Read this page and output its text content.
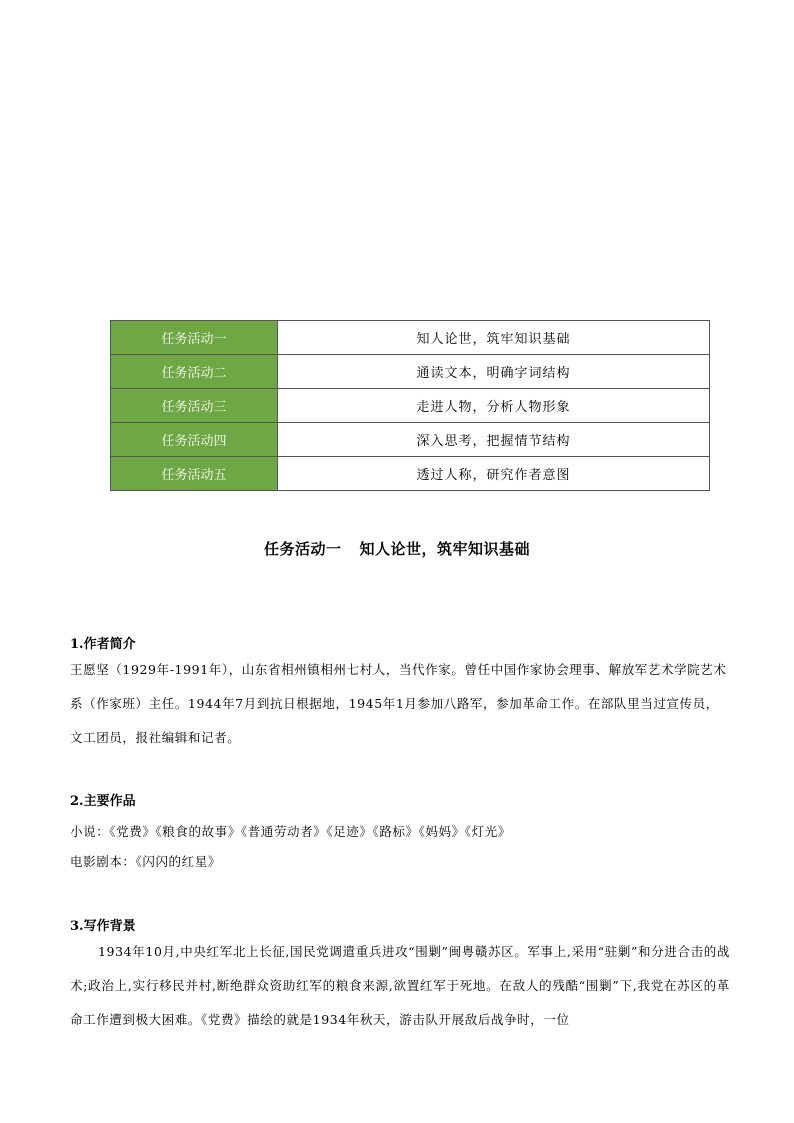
任务活动一	知人论世，筑牢知识基础
任务活动二	通读文本，明确字词结构
任务活动三	走进人物，分析人物形象
任务活动四	深入思考，把握情节结构
任务活动五	透过人称，研究作者意图
任务活动一 知人论世，筑牢知识基础
1.作者简介
王愿坚（1929年-1991年），山东省相州镇相州七村人，当代作家。曾任中国作家协会理事、解放军艺术学院艺术系（作家班）主任。1944年7月到抗日根据地，1945年1月参加八路军，参加革命工作。在部队里当过宣传员，文工团员，报社编辑和记者。
2.主要作品
小说：《党费》《粮食的故事》《普通劳动者》《足迹》《路标》《妈妈》《灯光》
电影剧本：《闪闪的红星》
3.写作背景
1934年10月,中央红军北上长征,国民党调遣重兵进攻“围剿”闽粤赣苏区。军事上,采用“驻剿”和分进合击的战术;政治上,实行移民并村,断绝群众资助红军的粮食来源,欲置红军于死地。在敌人的残酷“围剿”下,我党在苏区的革命工作遭到极大困难。《党费》描绘的就是1934年秋天，游击队开展敌后战争时，一位
